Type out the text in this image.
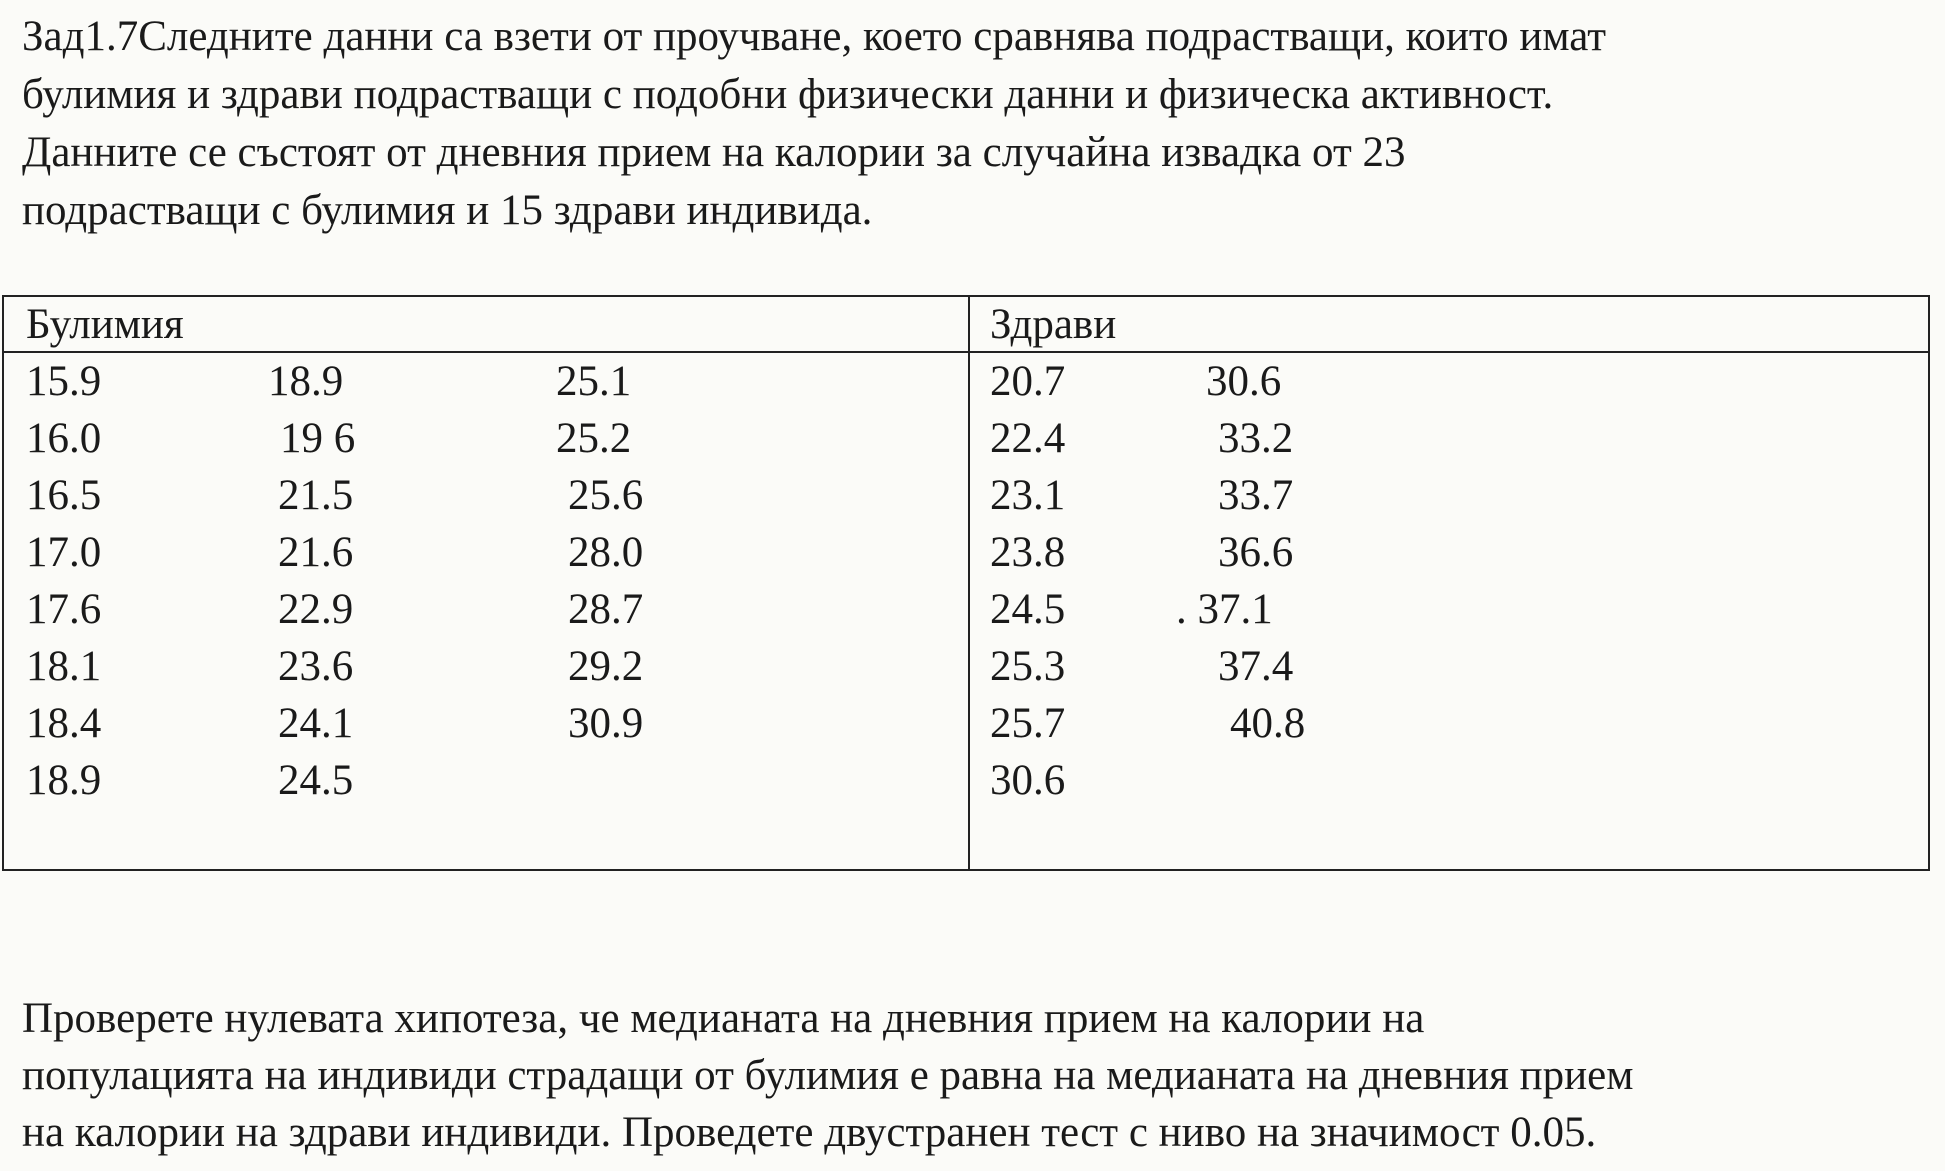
Зад1.7Следните данни са взети от проучване, което сравнява подрастващи, които имат
булимия и здрави подрастващи с подобни физически данни и физическа активност.
Данните се състоят от дневния прием на калории за случайна извадка от 23
подрастващи с булимия и 15 здрави индивида.
Булимия	Здрави
15.9
16.0
16.5
17.0
17.6
18.1
18.4
18.9
18.9
19 6
21.5
21.6
22.9
23.6
24.1
24.5
25.1
25.2
25.6
28.0
28.7
29.2
30.9
20.7
22.4
23.1
23.8
24.5
25.3
25.7
30.6
30.6
33.2
33.7
36.6
. 37.1
37.4
40.8
Проверете нулевата хипотеза, че медианата на дневния прием на калории на
популацията на индивиди страдащи от булимия е равна на медианата на дневния прием
на калории на здрави индивиди. Проведете двустранен тест с ниво на значимост 0.05.
